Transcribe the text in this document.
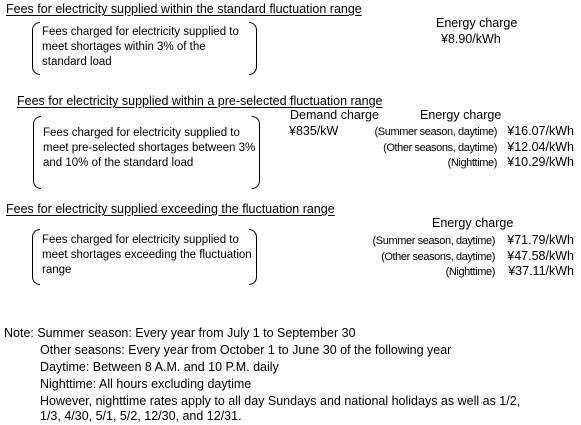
Fees for electricity supplied within the standard fluctuation range
Fees charged for electricity supplied to meet shortages within 3% of the standard load
Energy charge
¥8.90/kWh
Fees for electricity supplied within a pre-selected fluctuation range
Fees charged for electricity supplied to meet pre-selected shortages between 3% and 10% of the standard load
Demand charge
¥835/kW
Energy charge
(Summer season, daytime) ¥16.07/kWh
(Other seasons, daytime) ¥12.04/kWh
(Nighttime) ¥10.29/kWh
Fees for electricity supplied exceeding the fluctuation range
Fees charged for electricity supplied to meet shortages exceeding the fluctuation range
Energy charge
(Summer season, daytime) ¥71.79/kWh
(Other seasons, daytime) ¥47.58/kWh
(Nighttime) ¥37.11/kWh
Note: Summer season: Every year from July 1 to September 30
Other seasons: Every year from October 1 to June 30 of the following year
Daytime: Between 8 A.M. and 10 P.M. daily
Nighttime: All hours excluding daytime
However, nighttime rates apply to all day Sundays and national holidays as well as 1/2,
1/3, 4/30, 5/1, 5/2, 12/30, and 12/31.
